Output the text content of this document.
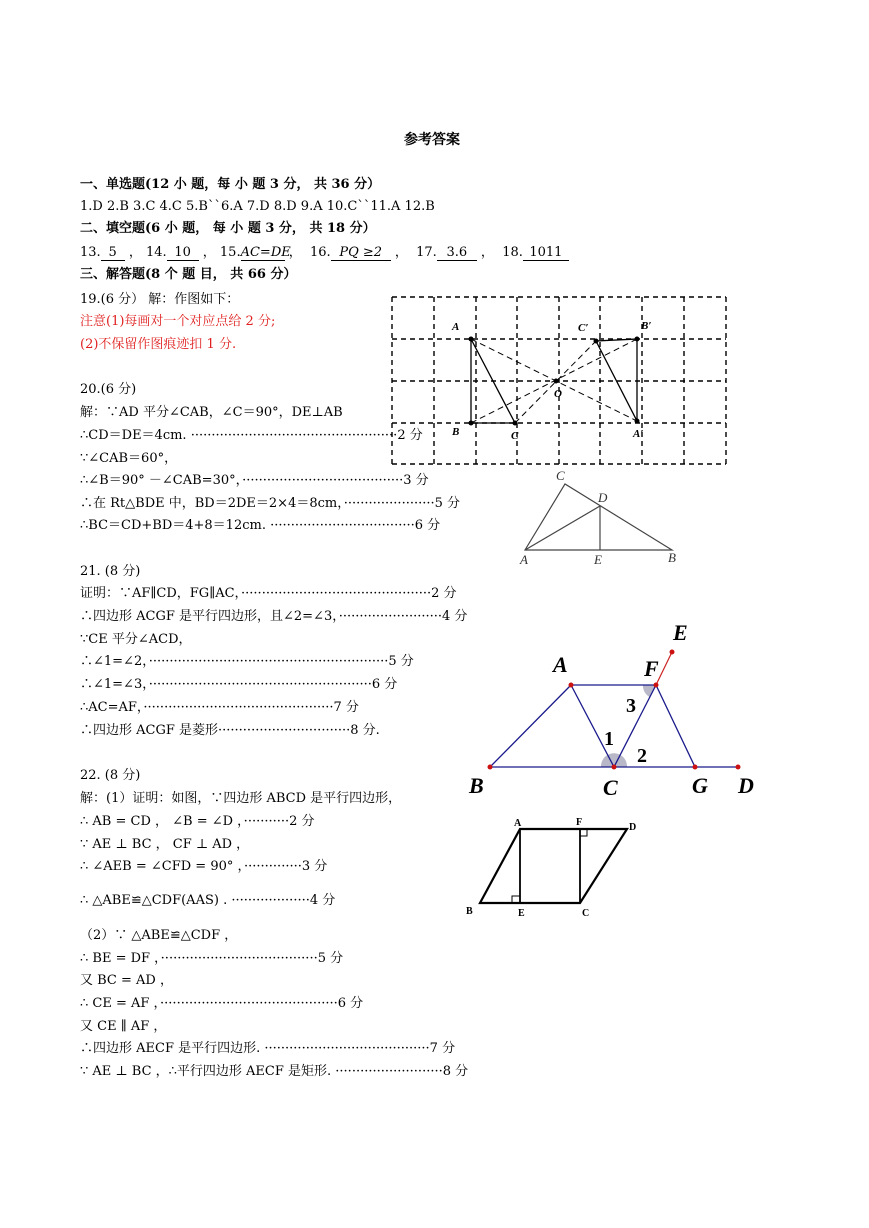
参考答案
一、单选题(12 小 题，每 小 题 3 分， 共 36 分）
1.D 2.B 3.C 4.C 5.B``6.A 7.D 8.D 9.A 10.C``11.A 12.B
二、填空题(6 小 题， 每 小 题 3 分， 共 18 分）
13. 5 ， 14. 10 ， 15.AC=DE ，  16. PQ ≥2 ，  17. 3.6 ，  18. 1011
三、解答题(8 个 题 目， 共 66 分）
19.(6 分） 解：作图如下：
注意(1)每画对一个对应点给 2 分;
(2)不保留作图痕迹扣 1 分.
20.(6 分)
解：∵AD 平分∠CAB，∠C＝90°，DE⊥AB
∴CD＝DE＝4cm. ··················································2 分
∵∠CAB＝60°，
∴∠B＝90° －∠CAB=30°，·······································3 分
∴在 Rt△BDE 中，BD＝2DE＝2×4＝8cm，······················5 分
∴BC＝CD+BD＝4+8＝12cm. ···································6 分
21. (8 分)
证明：∵AF∥CD，FG∥AC，··············································2 分
∴四边形 ACGF 是平行四边形，且∠2=∠3，·························4 分
∵CE 平分∠ACD，
∴∠1=∠2，··························································5 分
∴∠1=∠3，······················································6 分
∴AC=AF，··············································7 分
∴四边形 ACGF 是菱形································8 分.
22. (8 分)
解：(1）证明：如图，∵四边形 ABCD 是平行四边形，
∴ AB = CD ， ∠B = ∠D ，···········2 分
∵ AE ⊥ BC ， CF ⊥ AD ，
∴ ∠AEB = ∠CFD = 90° ，··············3 分
∴ △ABE≌△CDF(AAS) . ···················4 分
（2）∵ △ABE≌△CDF ，
∴ BE = DF ，······································5 分
又 BC = AD ，
∴ CE = AF ，···········································6 分
又 CE ∥ AF ，
∴四边形 AECF 是平行四边形. ········································7 分
∵ AE ⊥ BC ，∴平行四边形 AECF 是矩形. ··························8 分
A	C′	B′
O
B	C	A′
C
D
A	E	B
E
A	F
B	C	G D
3
1
2
A	F	D
B	E	C
